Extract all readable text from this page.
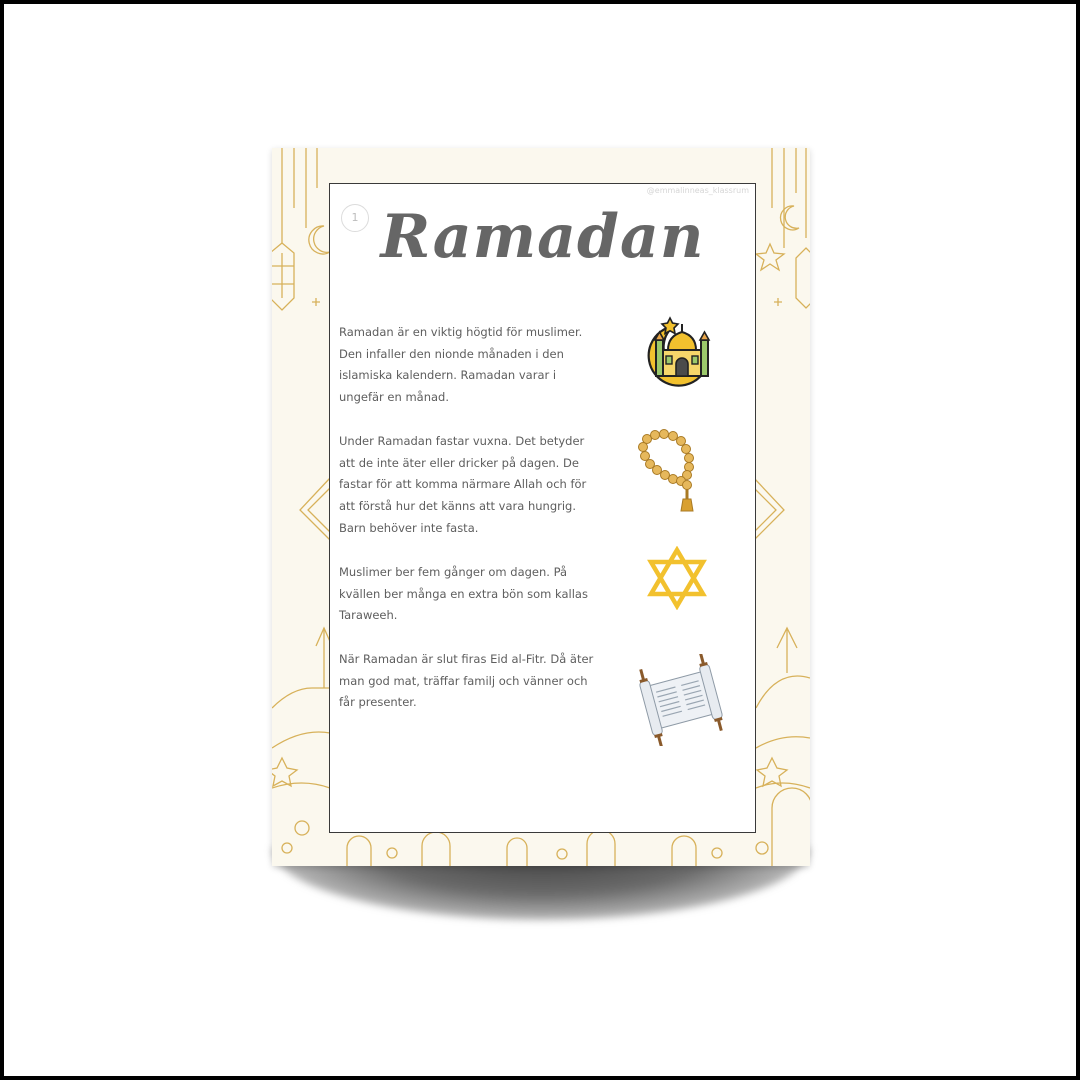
1
@emmalinneas_klassrum
Ramadan
Ramadan är en viktig högtid för muslimer. Den infaller den nionde månaden i den islamiska kalendern. Ramadan varar i ungefär en månad.
Under Ramadan fastar vuxna. Det betyder att de inte äter eller dricker på dagen. De fastar för att komma närmare Allah och för att förstå hur det känns att vara hungrig. Barn behöver inte fasta.
Muslimer ber fem gånger om dagen. På kvällen ber många en extra bön som kallas Taraweeh.
När Ramadan är slut firas Eid al-Fitr. Då äter man god mat, träffar familj och vänner och får presenter.
